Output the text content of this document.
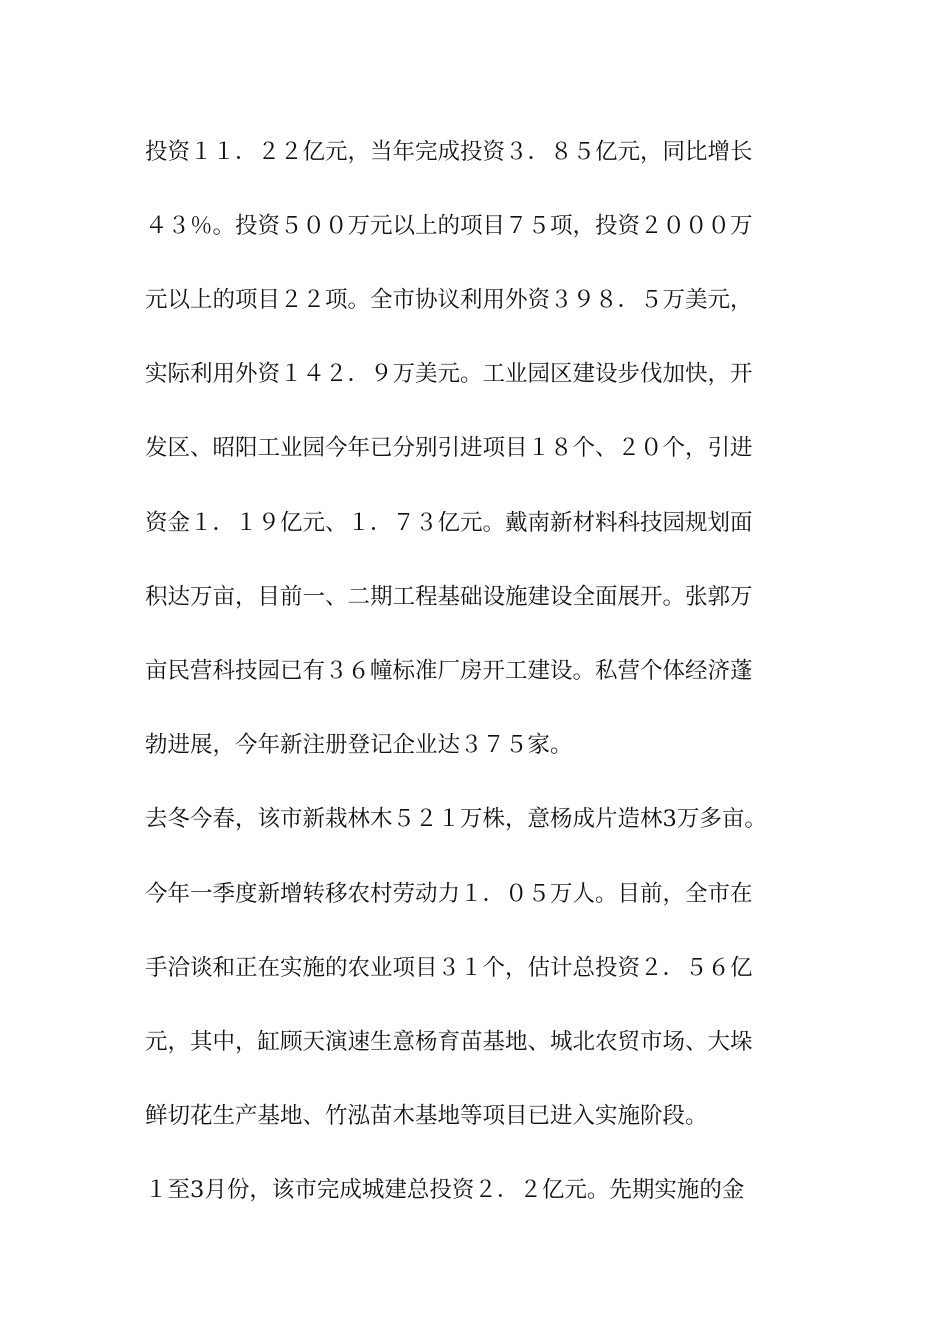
投资１１．２２亿元，当年完成投资３．８５亿元，同比增长
４３％。投资５００万元以上的项目７５项，投资２０００万
元以上的项目２２项。全市协议利用外资３９８．５万美元，
实际利用外资１４２．９万美元。工业园区建设步伐加快，开
发区、昭阳工业园今年已分别引进项目１８个、２０个，引进
资金１．１９亿元、１．７３亿元。戴南新材料科技园规划面
积达万亩，目前一、二期工程基础设施建设全面展开。张郭万
亩民营科技园已有３６幢标准厂房开工建设。私营个体经济蓬
勃进展，今年新注册登记企业达３７５家。
去冬今春，该市新栽林木５２１万株，意杨成片造林3万多亩。
今年一季度新增转移农村劳动力１．０５万人。目前，全市在
手洽谈和正在实施的农业项目３１个，估计总投资２．５６亿
元，其中，缸顾天演速生意杨育苗基地、城北农贸市场、大垛
鲜切花生产基地、竹泓苗木基地等项目已进入实施阶段。
１至3月份，该市完成城建总投资２．２亿元。先期实施的金
